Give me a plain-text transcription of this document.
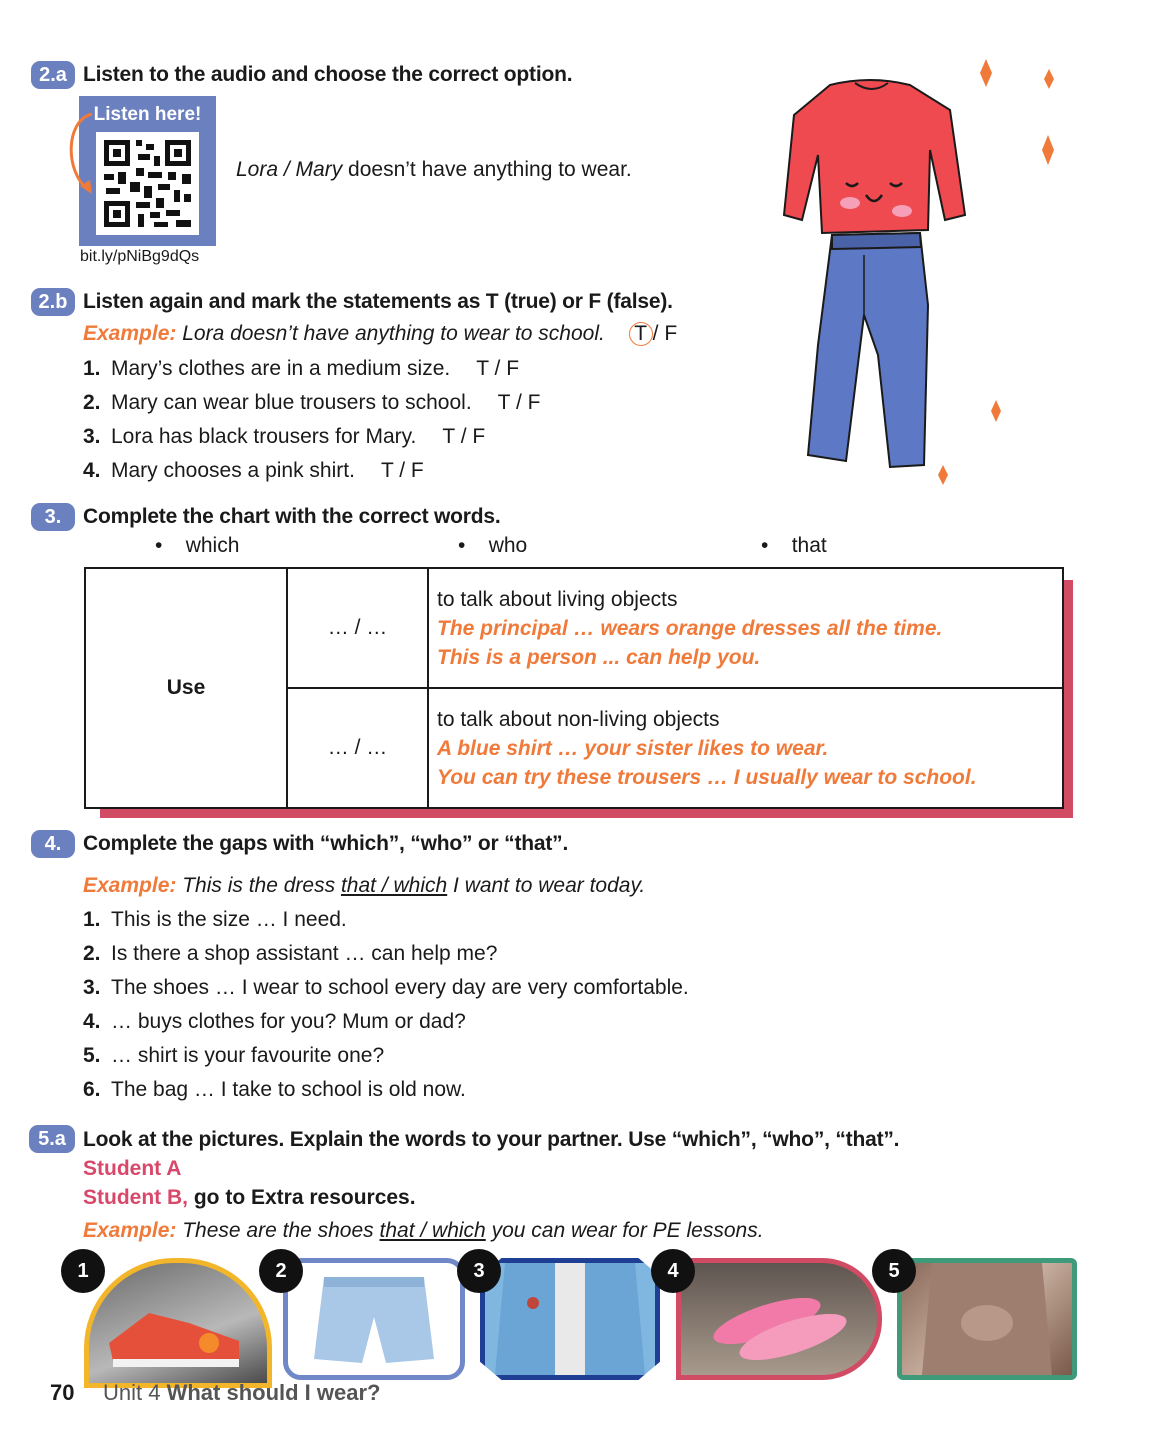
2.a Listen to the audio and choose the correct option.
Listen here!
bit.ly/pNiBg9dQs
Lora / Mary doesn’t have anything to wear.
2.b Listen again and mark the statements as T (true) or F (false).
Example: Lora doesn’t have anything to wear to school. T / F
1. Mary’s clothes are in a medium size. T / F
2. Mary can wear blue trousers to school. T / F
3. Lora has black trousers for Mary. T / F
4. Mary chooses a pink shirt. T / F
3.	Complete the chart with the correct words.
•    which	•    who	•    that
Use	… / …	to talk about living objects
The principal … wears orange dresses all the time.
This is a person ... can help you.

	… / …	to talk about non-living objects
A blue shirt … your sister likes to wear.
You can try these trousers … I usually wear to school.
4.	Complete the gaps with “which”, “who” or “that”.
Example: This is the dress that / which I want to wear today.
1. This is the size … I need.
2. Is there a shop assistant … can help me?
3. The shoes … I wear to school every day are very comfortable.
4. … buys clothes for you? Mum or dad?
5. … shirt is your favourite one?
6. The bag … I take to school is old now.
5.a Look at the pictures. Explain the words to your partner. Use “which”, “who”, “that”.
Student A
Student B, go to Extra resources.
Example: These are the shoes that / which you can wear for PE lessons.
1	2	3	4	5
70 Unit 4 What should I wear?
